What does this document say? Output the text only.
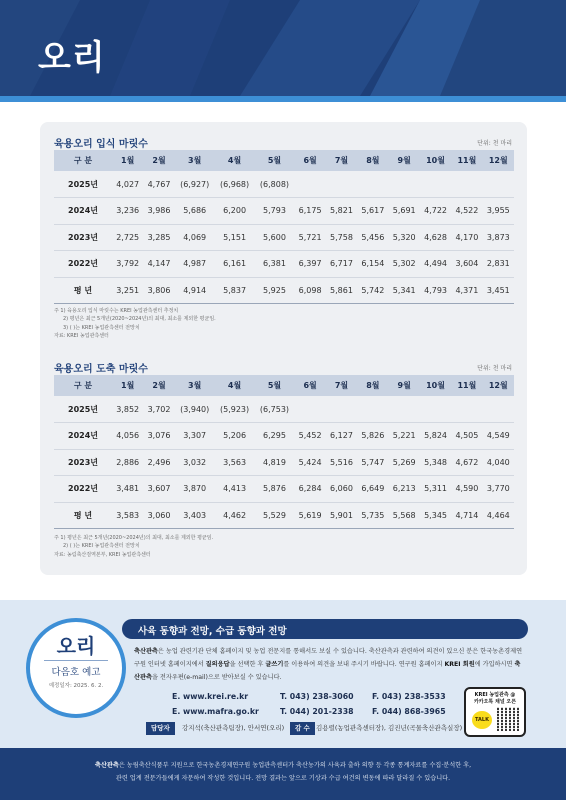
오리
육용오리 입식 마릿수	단위: 천 마리
구 분	1월	2월	3월	4월	5월	6월	7월	8월	9월	10월	11월	12월
2025년	4,027	4,767	(6,927)	(6,968)	(6,808)							
2024년	3,236	3,986	5,686	6,200	5,793	6,175	5,821	5,617	5,691	4,722	4,522	3,955
2023년	2,725	3,285	4,069	5,151	5,600	5,721	5,758	5,456	5,320	4,628	4,170	3,873
2022년	3,792	4,147	4,987	6,161	6,381	6,397	6,717	6,154	5,302	4,494	3,604	2,831
평 년	3,251	3,806	4,914	5,837	5,925	6,098	5,861	5,742	5,341	4,793	4,371	3,451
주 1) 육용오리 입식 마릿수는 KREI 농업관측센터 추정치
2) 평년은 최근 5개년(2020~2024년)의 최대, 최소를 제외한 평균임.
3) ( )는 KREI 농업관측센터 전망치
자료: KREI 농업관측센터
육용오리 도축 마릿수	단위: 천 마리
구 분	1월	2월	3월	4월	5월	6월	7월	8월	9월	10월	11월	12월
2025년	3,852	3,702	(3,940)	(5,923)	(6,753)							
2024년	4,056	3,076	3,307	5,206	6,295	5,452	6,127	5,826	5,221	5,824	4,505	4,549
2023년	2,886	2,496	3,032	3,563	4,819	5,424	5,516	5,747	5,269	5,348	4,672	4,040
2022년	3,481	3,607	3,870	4,413	5,876	6,284	6,060	6,649	6,213	5,311	4,590	3,770
평 년	3,583	3,060	3,403	4,462	5,529	5,619	5,901	5,735	5,568	5,345	4,714	4,464
주 1) 평년은 최근 5개년(2020~2024년)의 최대, 최소를 제외한 평균임.
2) ( )는 KREI 농업관측센터 전망치
자료: 농림축산검역본부, KREI 농업관측센터
사육 동향과 전망, 수급 동향과 전망
오리
다음호 예고
예정일자: 2025. 6. 2.
축산관측은 농업 관련기관 단체 홈페이지 및 농업 전문지를 통해서도 보실 수 있습니다. 축산관측과 관련하여 의견이 있으신 분은 한국농촌경제연구원 인터넷 홈페이지에서 질의응답을 선택한 후 글쓰기를 이용하여 의견을 보내 주시기 바랍니다. 연구원 홈페이지 KREI 회원에 가입하시면 축산관측을 전자우편(e-mail)으로 받아보실 수 있습니다.
E. www.krei.re.kr	T. 043) 238-3060 F. 043) 238-3533
E. www.mafra.go.kr	T. 044) 201-2338 F. 044) 868-3965
담당자	강지석(축산관측팀장), 안서연(오리)	감 수 김용렬(농업관측센터장), 김진년(곡물축산관측실장)
KREI 농업관측 @
카카오톡 채널 오픈
TALK
축산관측은 농림축산식품부 지원으로 한국농촌경제연구원 농업관측센터가 축산농가의 사육과 출하 의향 등 각종 통계자료를 수집·분석한 후,
관련 업계 전문가들에게 자문하여 작성한 것입니다. 전망 결과는 앞으로 기상과 수급 여건의 변동에 따라 달라질 수 있습니다.
